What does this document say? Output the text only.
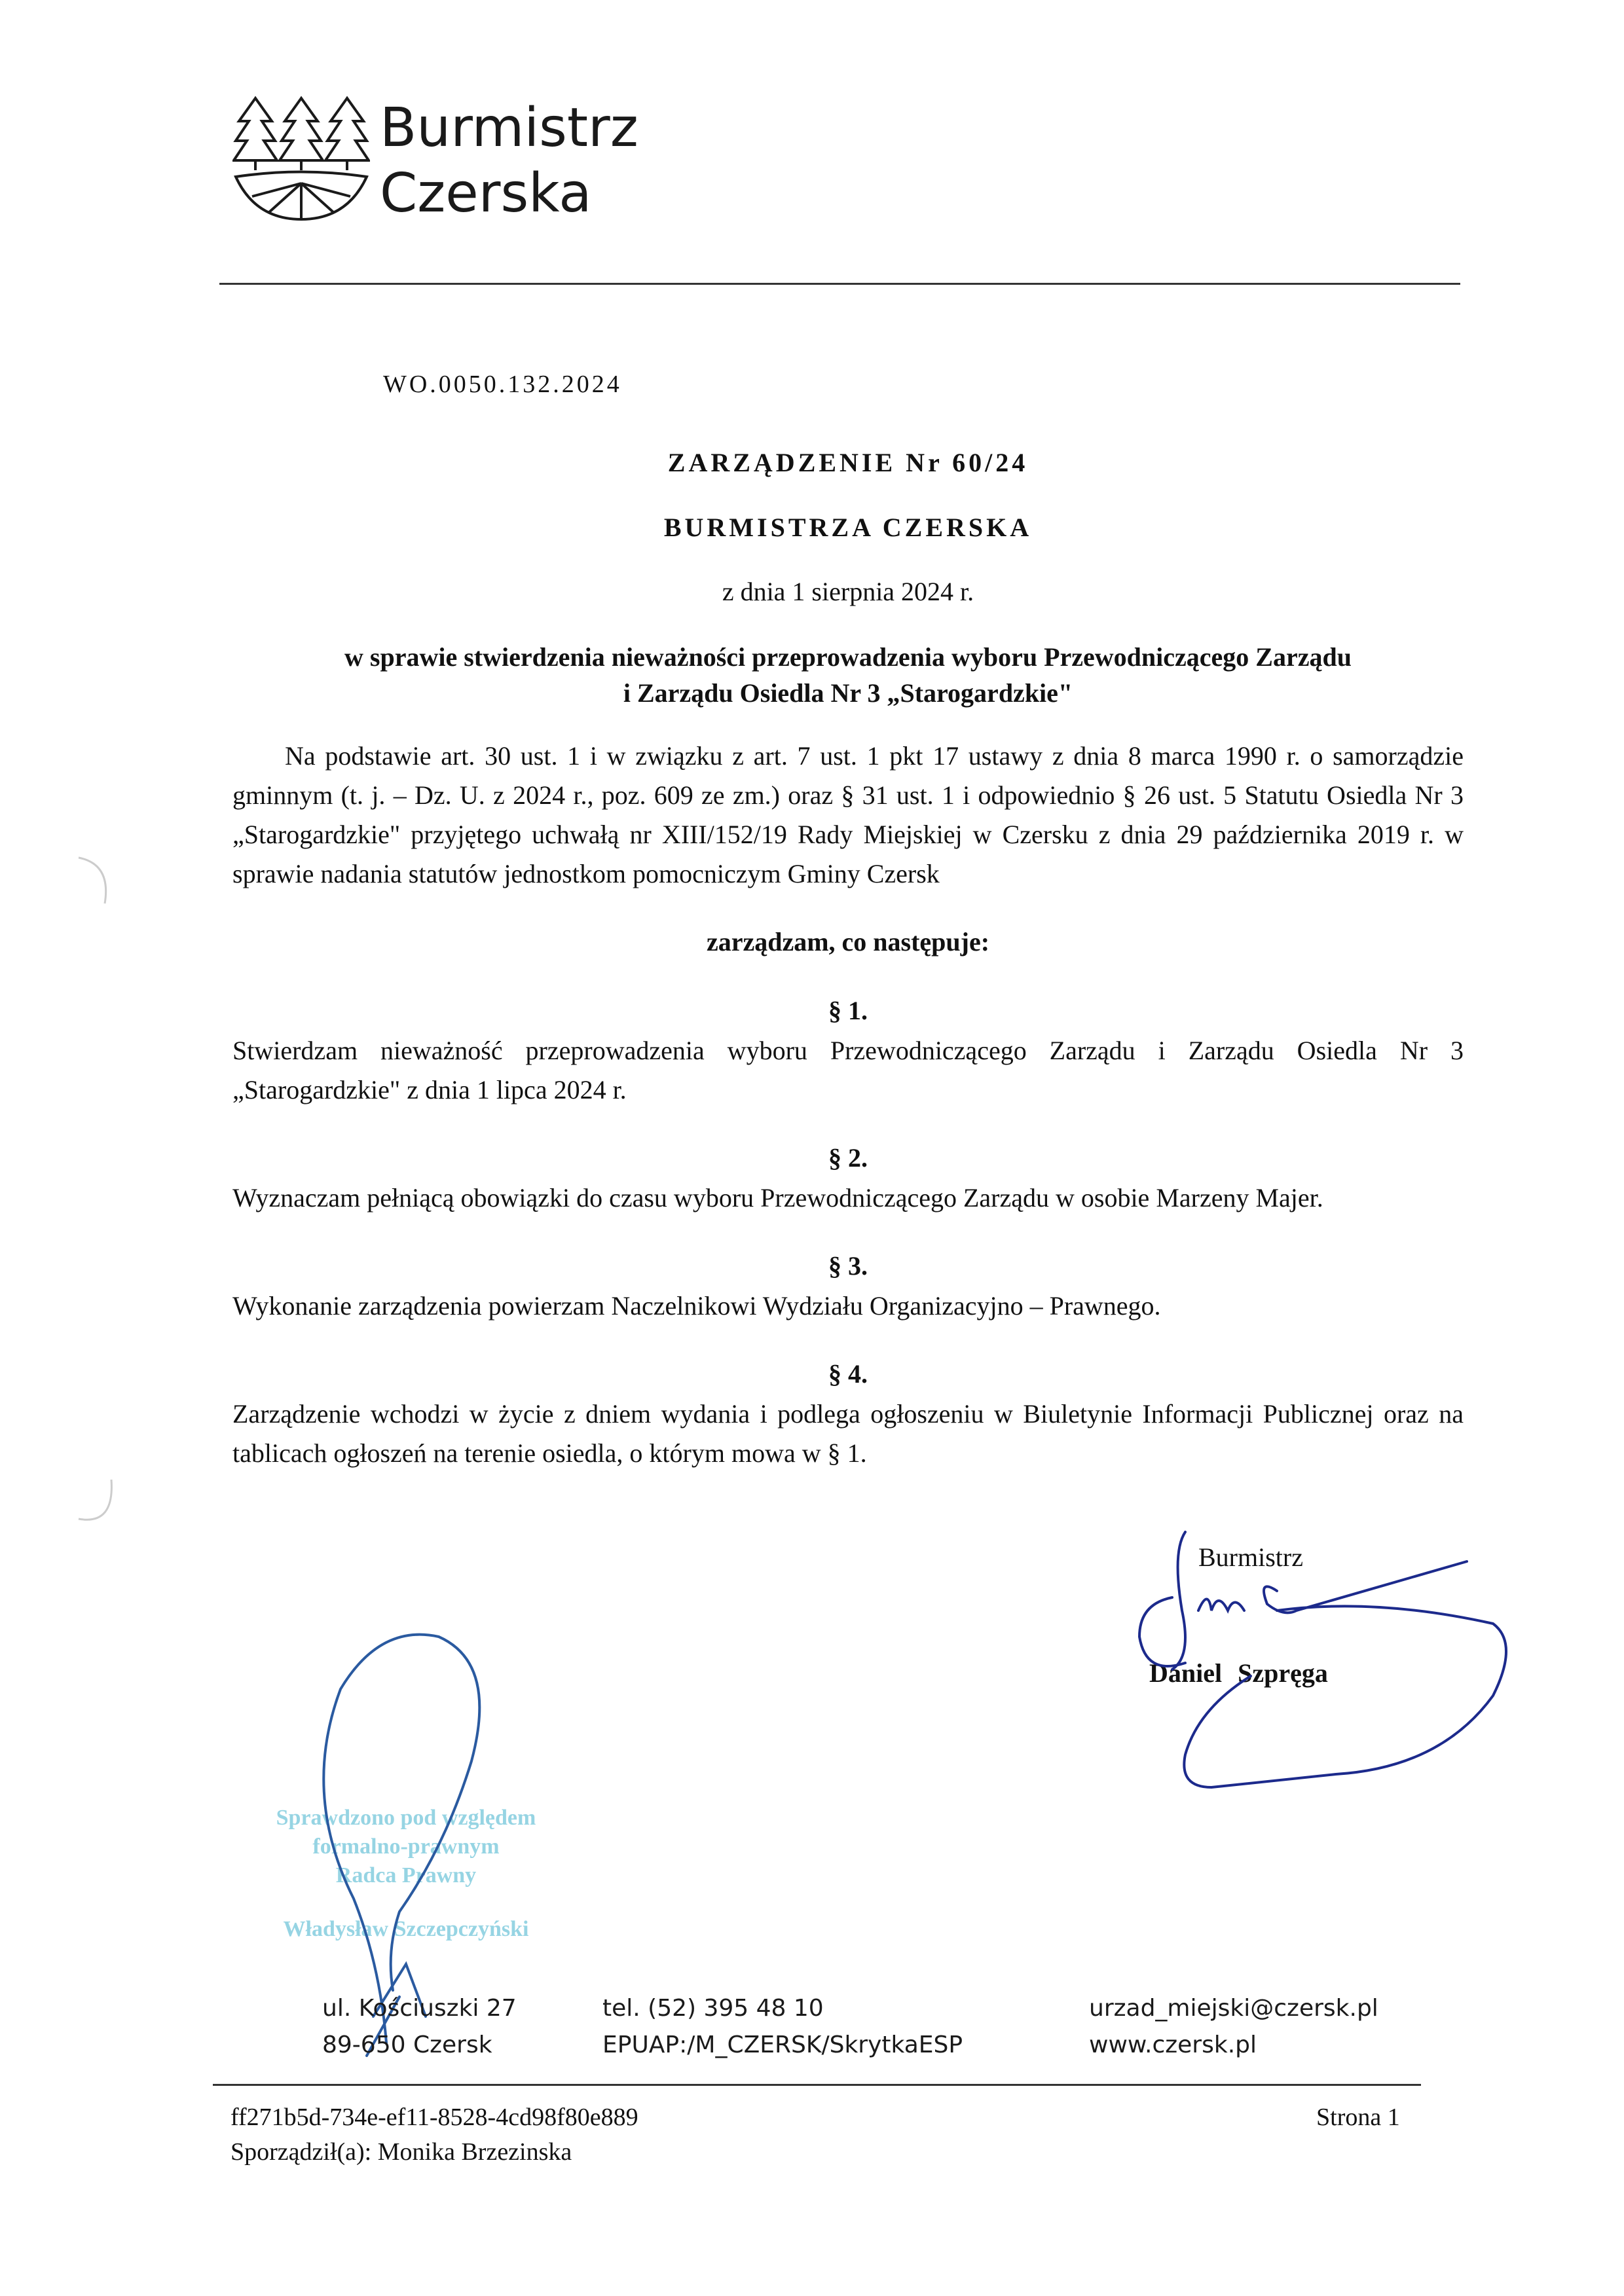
Burmistrz
Czerska
WO.0050.132.2024
ZARZĄDZENIE Nr 60/24
BURMISTRZA CZERSKA
z dnia 1 sierpnia 2024 r.
w sprawie stwierdzenia nieważności przeprowadzenia wyboru Przewodniczącego Zarządu
i Zarządu Osiedla Nr 3 „Starogardzkie"
Na podstawie art. 30 ust. 1 i w związku z art. 7 ust. 1 pkt 17 ustawy z dnia 8 marca 1990 r. o samorządzie gminnym (t. j. – Dz. U. z 2024 r., poz. 609 ze zm.) oraz § 31 ust. 1 i odpowiednio § 26 ust. 5 Statutu Osiedla Nr 3 „Starogardzkie" przyjętego uchwałą nr XIII/152/19 Rady Miejskiej w Czersku z dnia 29 października 2019 r. w sprawie nadania statutów jednostkom pomocniczym Gminy Czersk
zarządzam, co następuje:
§ 1.
Stwierdzam nieważność przeprowadzenia wyboru Przewodniczącego Zarządu i Zarządu Osiedla Nr 3 „Starogardzkie" z dnia 1 lipca 2024 r.
§ 2.
Wyznaczam pełniącą obowiązki do czasu wyboru Przewodniczącego Zarządu w osobie Marzeny Majer.
§ 3.
Wykonanie zarządzenia powierzam Naczelnikowi Wydziału Organizacyjno – Prawnego.
§ 4.
Zarządzenie wchodzi w życie z dniem wydania i podlega ogłoszeniu w Biuletynie Informacji Publicznej oraz na tablicach ogłoszeń na terenie osiedla, o którym mowa w § 1.
Burmistrz
Daniel Szpręga
Sprawdzono pod względem
formalno-prawnym
Radca Prawny
Władysław Szczepczyński
ul. Kościuszki 27
89-650 Czersk
tel. (52) 395 48 10
EPUAP:/M_CZERSK/SkrytkaESP
urzad_miejski@czersk.pl
www.czersk.pl
ff271b5d-734e-ef11-8528-4cd98f80e889
Sporządził(a): Monika Brzezinska
Strona 1
